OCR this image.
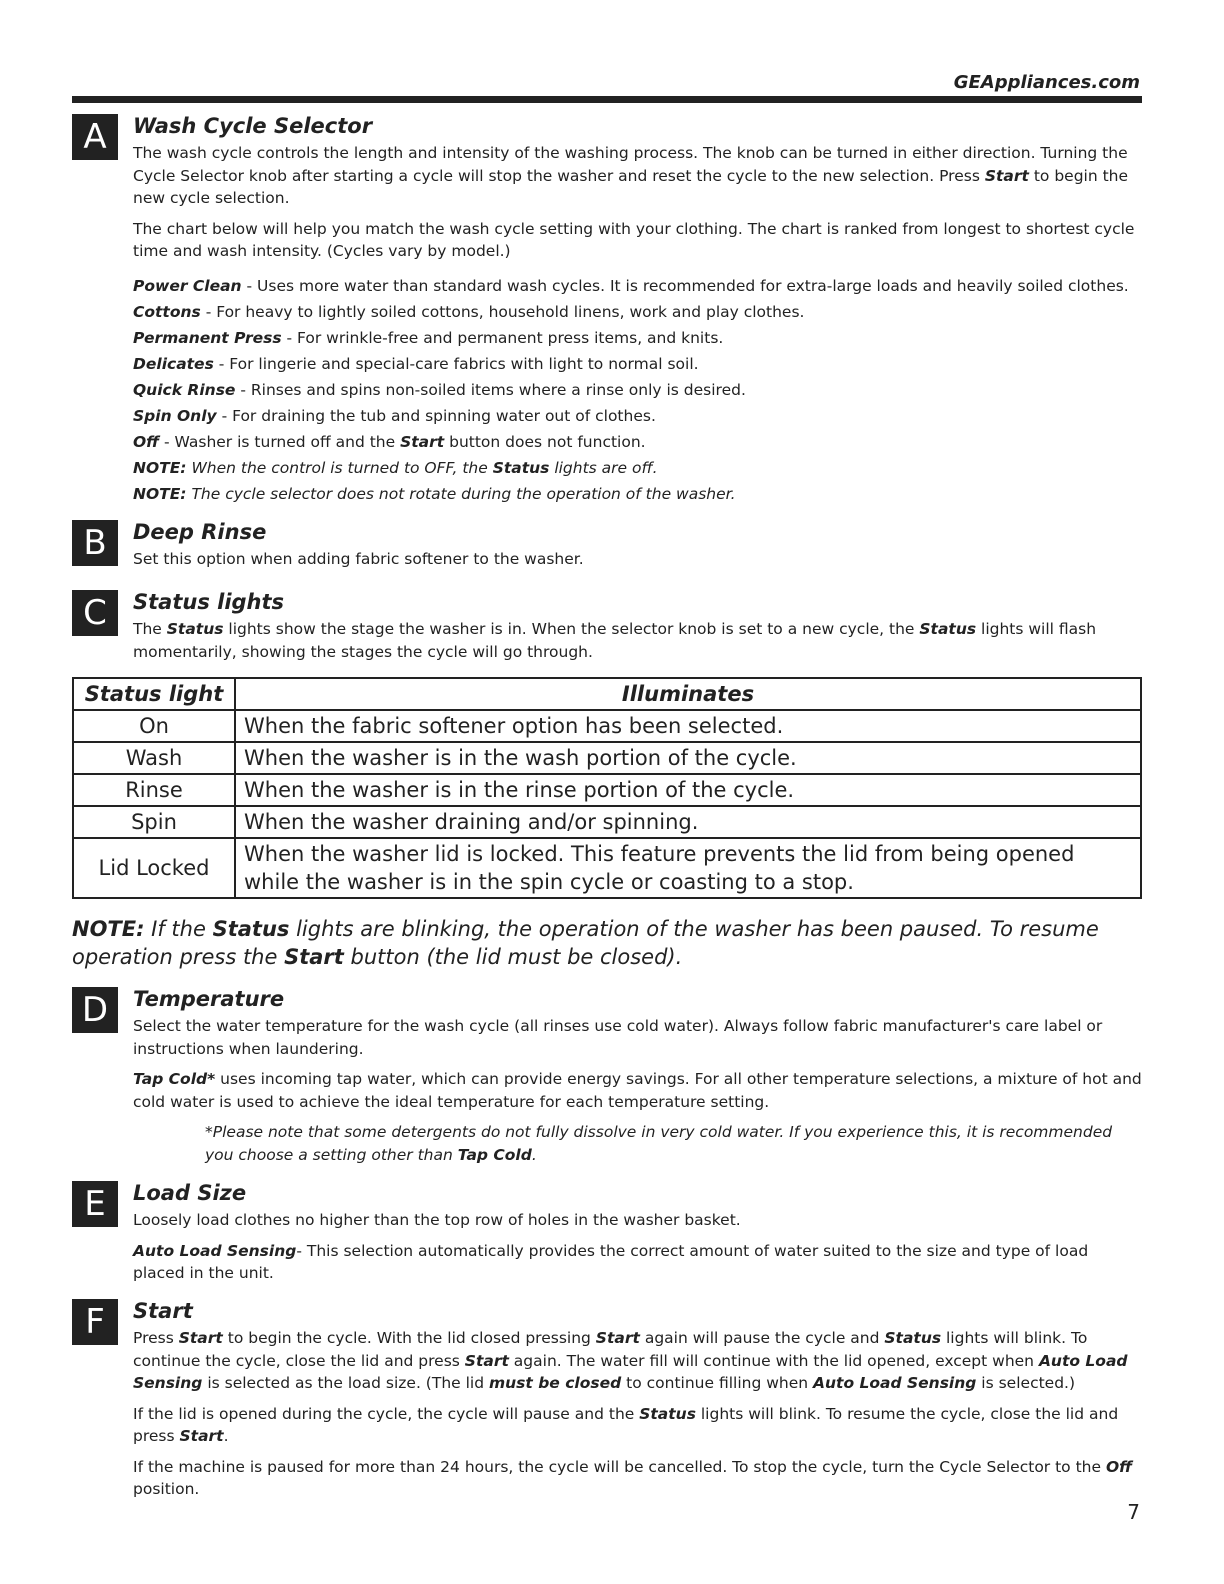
GEAppliances.com
A	Wash Cycle Selector
The wash cycle controls the length and intensity of the washing process. The knob can be turned in either direction. Turning the Cycle Selector knob after starting a cycle will stop the washer and reset the cycle to the new selection. Press Start to begin the new cycle selection.
The chart below will help you match the wash cycle setting with your clothing. The chart is ranked from longest to shortest cycle time and wash intensity. (Cycles vary by model.)
Power Clean - Uses more water than standard wash cycles. It is recommended for extra-large loads and heavily soiled clothes.
Cottons - For heavy to lightly soiled cottons, household linens, work and play clothes.
Permanent Press - For wrinkle-free and permanent press items, and knits.
Delicates - For lingerie and special-care fabrics with light to normal soil.
Quick Rinse - Rinses and spins non-soiled items where a rinse only is desired.
Spin Only - For draining the tub and spinning water out of clothes.
Off - Washer is turned off and the Start button does not function.
NOTE: When the control is turned to OFF, the Status lights are off.
NOTE: The cycle selector does not rotate during the operation of the washer.
B	Deep Rinse
Set this option when adding fabric softener to the washer.
C	Status lights
The Status lights show the stage the washer is in. When the selector knob is set to a new cycle, the Status lights will flash momentarily, showing the stages the cycle will go through.
Status light	Illuminates
On	When the fabric softener option has been selected.
Wash	When the washer is in the wash portion of the cycle.
Rinse	When the washer is in the rinse portion of the cycle.
Spin	When the washer draining and/or spinning.
Lid Locked	When the washer lid is locked. This feature prevents the lid from being opened while the washer is in the spin cycle or coasting to a stop.
NOTE: If the Status lights are blinking, the operation of the washer has been paused. To resume operation press the Start button (the lid must be closed).
D	Temperature
Select the water temperature for the wash cycle (all rinses use cold water). Always follow fabric manufacturer's care label or instructions when laundering.
Tap Cold* uses incoming tap water, which can provide energy savings. For all other temperature selections, a mixture of hot and cold water is used to achieve the ideal temperature for each temperature setting.
*Please note that some detergents do not fully dissolve in very cold water. If you experience this, it is recommended you choose a setting other than Tap Cold.
E	Load Size
Loosely load clothes no higher than the top row of holes in the washer basket.
Auto Load Sensing- This selection automatically provides the correct amount of water suited to the size and type of load placed in the unit.
F	Start
Press Start to begin the cycle. With the lid closed pressing Start again will pause the cycle and Status lights will blink. To continue the cycle, close the lid and press Start again. The water fill will continue with the lid opened, except when Auto Load Sensing is selected as the load size. (The lid must be closed to continue filling when Auto Load Sensing is selected.)
If the lid is opened during the cycle, the cycle will pause and the Status lights will blink. To resume the cycle, close the lid and press Start.
If the machine is paused for more than 24 hours, the cycle will be cancelled. To stop the cycle, turn the Cycle Selector to the Off position.
7
